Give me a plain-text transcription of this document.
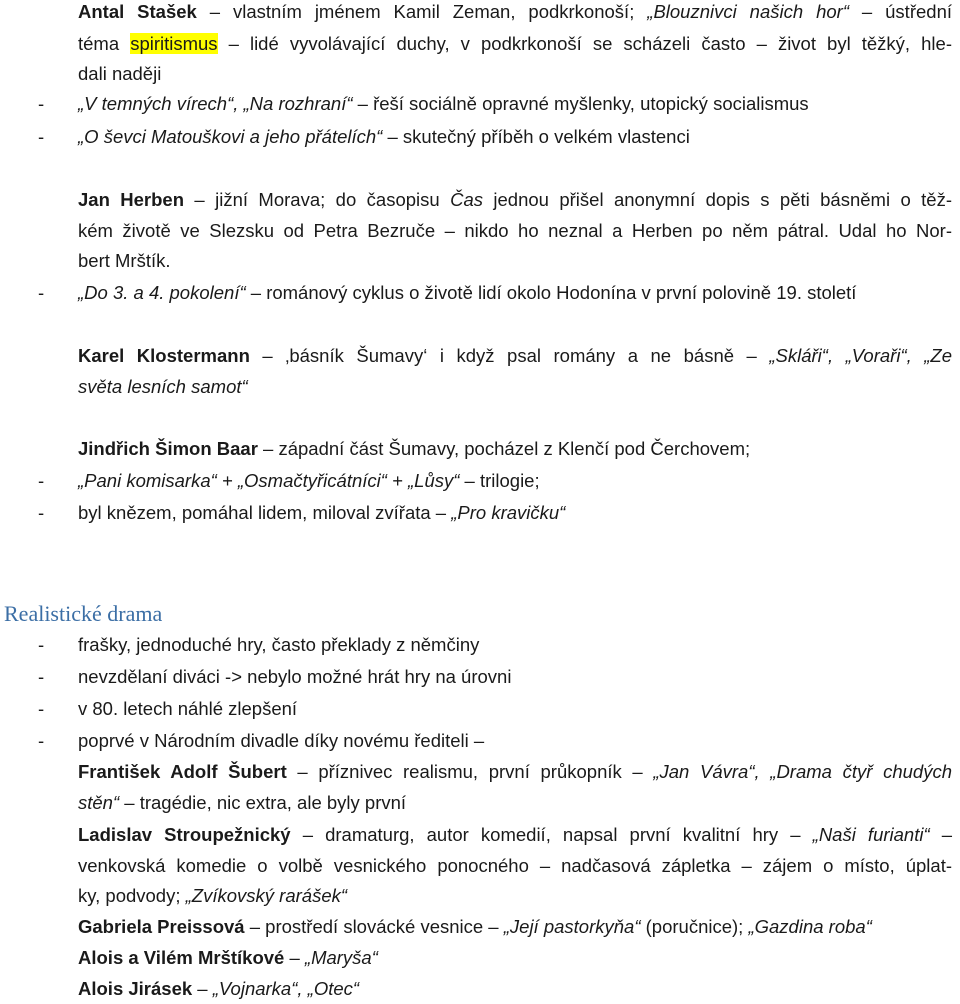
Antal Stašek – vlastním jménem Kamil Zeman, podkrkonoší; „Blouznivci našich hor“ – ústřední
téma spiritismus – lidé vyvolávající duchy, v podkrkonoší se scházeli často – život byl těžký, hle-
dali naději
- „V temných vírech“, „Na rozhraní“ – řeší sociálně opravné myšlenky, utopický socialismus
- „O ševci Matouškovi a jeho přátelích“ – skutečný příběh o velkém vlastenci
Jan Herben – jižní Morava; do časopisu Čas jednou přišel anonymní dopis s pěti básněmi o těž-
kém životě ve Slezsku od Petra Bezruče – nikdo ho neznal a Herben po něm pátral. Udal ho Nor-
bert Mrštík.
- „Do 3. a 4. pokolení“ – románový cyklus o životě lidí okolo Hodonína v první polovině 19. století
Karel Klostermann – ‚básník Šumavy‘ i když psal romány a ne básně – „Skláři“, „Voraři“, „Ze
světa lesních samot“
Jindřich Šimon Baar – západní část Šumavy, pocházel z Klenčí pod Čerchovem;
- „Pani komisarka“ + „Osmačtyřicátníci“ + „Lůsy“ – trilogie;
- byl knězem, pomáhal lidem, miloval zvířata – „Pro kravičku“
Realistické drama
- frašky, jednoduché hry, často překlady z němčiny
- nevzdělaní diváci -> nebylo možné hrát hry na úrovni
- v 80. letech náhlé zlepšení
- poprvé v Národním divadle díky novému řediteli –
František Adolf Šubert – příznivec realismu, první průkopník – „Jan Vávra“, „Drama čtyř chudých
stěn“ – tragédie, nic extra, ale byly první
Ladislav Stroupežnický – dramaturg, autor komedií, napsal první kvalitní hry – „Naši furianti“ –
venkovská komedie o volbě vesnického ponocného – nadčasová zápletka – zájem o místo, úplat-
ky, podvody; „Zvíkovský rarášek“
Gabriela Preissová – prostředí slovácké vesnice – „Její pastorkyňa“ (poručnice); „Gazdina roba“
Alois a Vilém Mrštíkové – „Maryša“
Alois Jirásek – „Vojnarka“, „Otec“
